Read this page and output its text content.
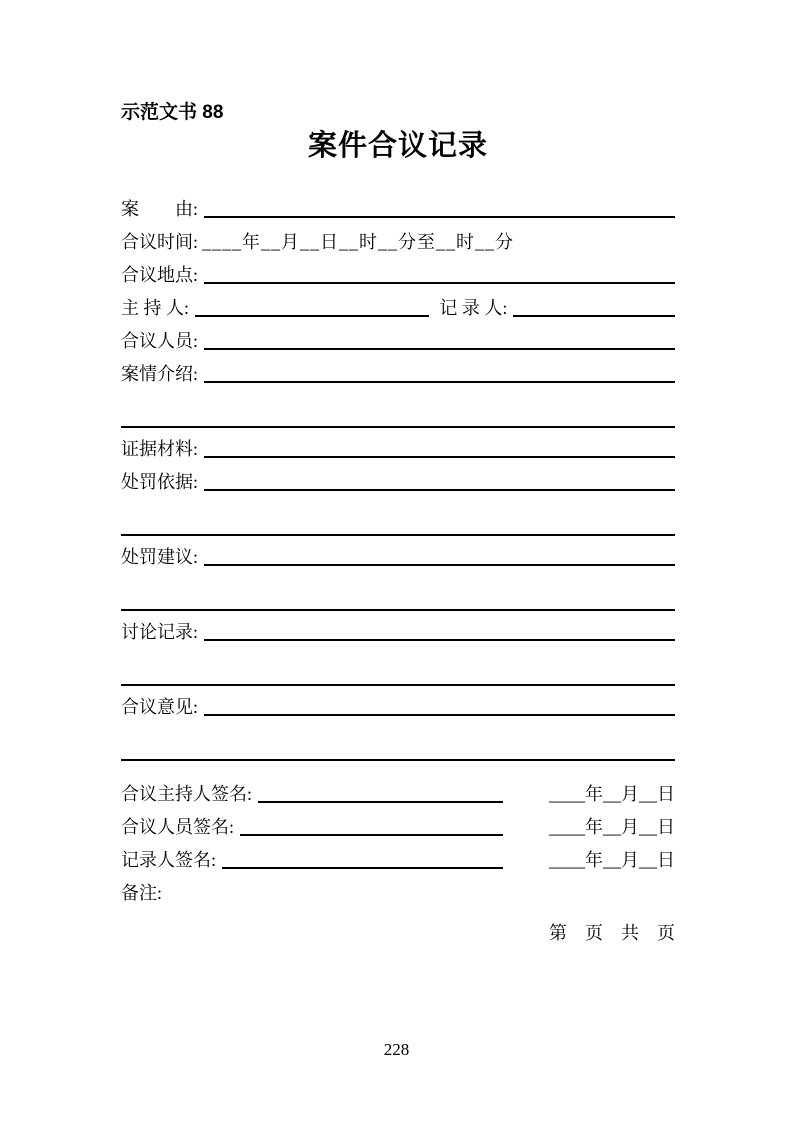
示范文书 88
案件合议记录
案　　由:
合议时间: ____年__月__日__时__分至__时__分
合议地点:
主 持 人:	记 录 人:
合议人员:
案情介绍:
证据材料:
处罚依据:
处罚建议:
讨论记录:
合议意见:
合议主持人签名:	____年__月__日
合议人员签名:	____年__月__日
记录人签名:	____年__月__日
备注:
第　页　共　页
228
